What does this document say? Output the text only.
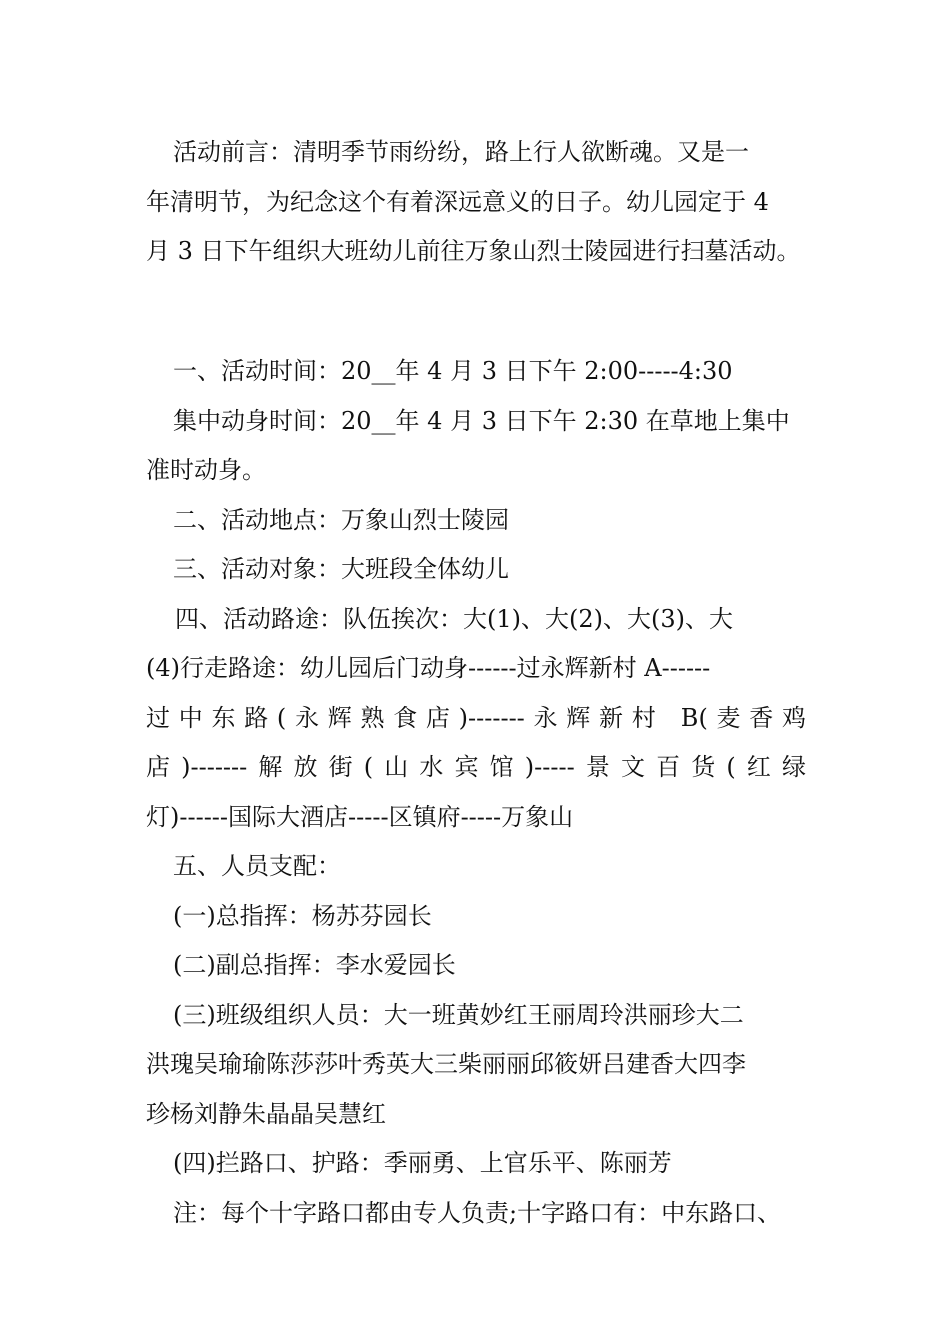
活动前言：清明季节雨纷纷，路上行人欲断魂。又是一
年清明节，为纪念这个有着深远意义的日子。幼儿园定于 4
月 3 日下午组织大班幼儿前往万象山烈士陵园进行扫墓活动。
一、活动时间：20__年 4 月 3 日下午 2:00-----4:30
集中动身时间：20__年 4 月 3 日下午 2:30 在草地上集中
准时动身。
二、活动地点：万象山烈士陵园
三、活动对象：大班段全体幼儿
四、活动路途：队伍挨次：大(1)、大(2)、大(3)、大
(4)行走路途：幼儿园后门动身------过永辉新村 A------
过中东路(永辉熟食店)-------永辉新村 B(麦香鸡
店)-------解放街(山水宾馆)-----景文百货(红绿
灯)------国际大酒店-----区镇府-----万象山
五、人员支配：
(一)总指挥：杨苏芬园长
(二)副总指挥：李水爱园长
(三)班级组织人员：大一班黄妙红王丽周玲洪丽珍大二
洪瑰吴瑜瑜陈莎莎叶秀英大三柴丽丽邱筱妍吕建香大四李
珍杨刘静朱晶晶吴慧红
(四)拦路口、护路：季丽勇、上官乐平、陈丽芳
注：每个十字路口都由专人负责;十字路口有：中东路口、
